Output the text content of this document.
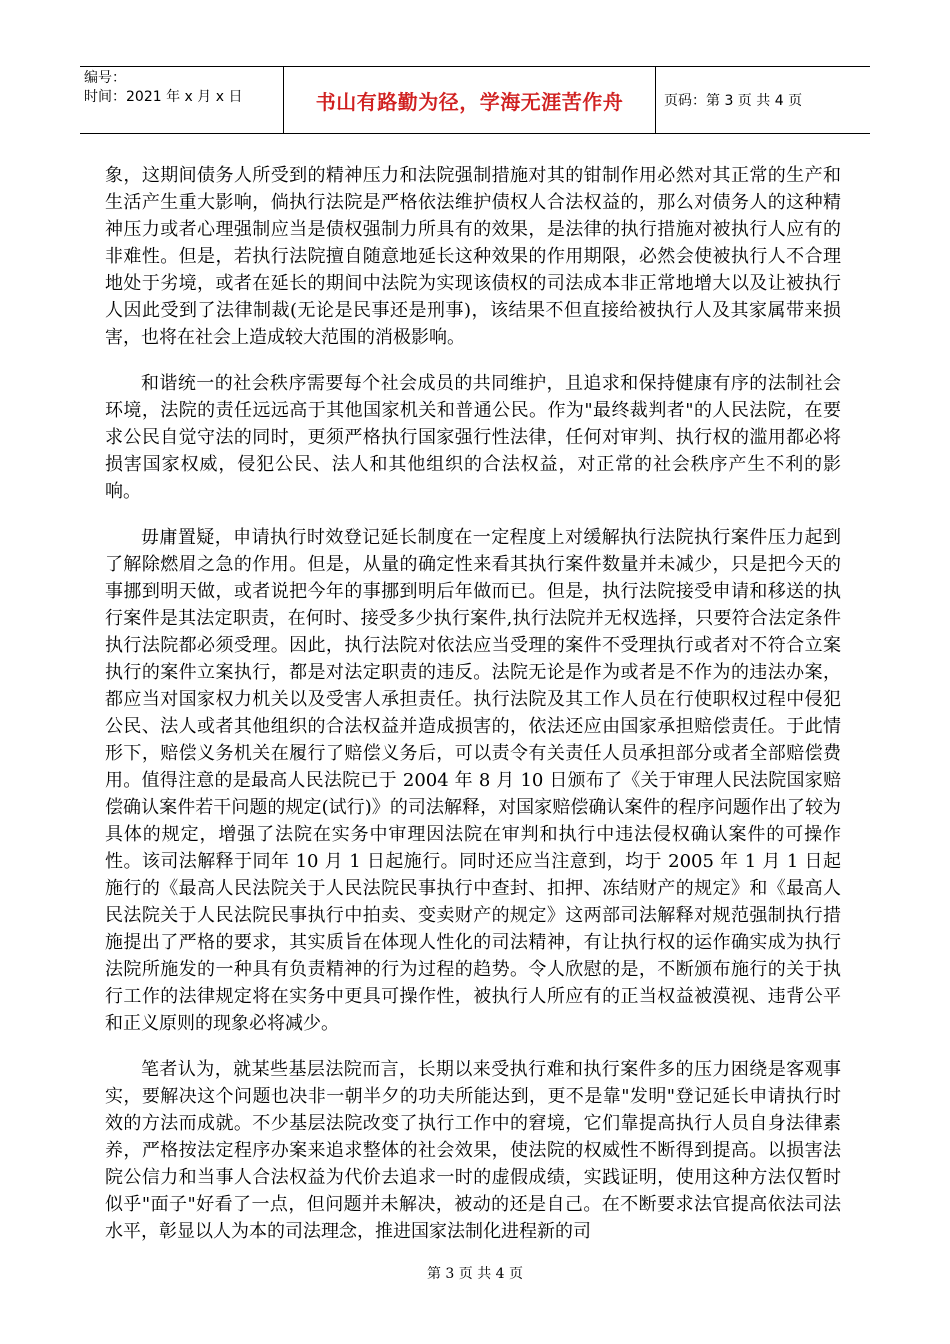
编号：
时间：2021 年 x 月 x 日	书山有路勤为径，学海无涯苦作舟	页码：第 3 页 共 4 页

象，这期间债务人所受到的精神压力和法院强制措施对其的钳制作用必然对其正常的生产和生活产生重大影响，倘执行法院是严格依法维护债权人合法权益的，那么对债务人的这种精神压力或者心理强制应当是债权强制力所具有的效果，是法律的执行措施对被执行人应有的非难性。但是，若执行法院擅自随意地延长这种效果的作用期限，必然会使被执行人不合理地处于劣境，或者在延长的期间中法院为实现该债权的司法成本非正常地增大以及让被执行人因此受到了法律制裁(无论是民事还是刑事)，该结果不但直接给被执行人及其家属带来损害，也将在社会上造成较大范围的消极影响。

和谐统一的社会秩序需要每个社会成员的共同维护，且追求和保持健康有序的法制社会环境，法院的责任远远高于其他国家机关和普通公民。作为"最终裁判者"的人民法院，在要求公民自觉守法的同时，更须严格执行国家强行性法律，任何对审判、执行权的滥用都必将损害国家权威，侵犯公民、法人和其他组织的合法权益，对正常的社会秩序产生不利的影响。

毋庸置疑，申请执行时效登记延长制度在一定程度上对缓解执行法院执行案件压力起到了解除燃眉之急的作用。但是，从量的确定性来看其执行案件数量并未减少，只是把今天的事挪到明天做，或者说把今年的事挪到明后年做而已。但是，执行法院接受申请和移送的执行案件是其法定职责，在何时、接受多少执行案件,执行法院并无权选择，只要符合法定条件执行法院都必须受理。因此，执行法院对依法应当受理的案件不受理执行或者对不符合立案执行的案件立案执行，都是对法定职责的违反。法院无论是作为或者是不作为的违法办案，都应当对国家权力机关以及受害人承担责任。执行法院及其工作人员在行使职权过程中侵犯公民、法人或者其他组织的合法权益并造成损害的，依法还应由国家承担赔偿责任。于此情形下，赔偿义务机关在履行了赔偿义务后，可以责令有关责任人员承担部分或者全部赔偿费用。值得注意的是最高人民法院已于 2004 年 8 月 10 日颁布了《关于审理人民法院国家赔偿确认案件若干问题的规定(试行)》的司法解释，对国家赔偿确认案件的程序问题作出了较为具体的规定，增强了法院在实务中审理因法院在审判和执行中违法侵权确认案件的可操作性。该司法解释于同年 10 月 1 日起施行。同时还应当注意到，均于 2005 年 1 月 1 日起施行的《最高人民法院关于人民法院民事执行中查封、扣押、冻结财产的规定》和《最高人民法院关于人民法院民事执行中拍卖、变卖财产的规定》这两部司法解释对规范强制执行措施提出了严格的要求，其实质旨在体现人性化的司法精神，有让执行权的运作确实成为执行法院所施发的一种具有负责精神的行为过程的趋势。令人欣慰的是，不断颁布施行的关于执行工作的法律规定将在实务中更具可操作性，被执行人所应有的正当权益被漠视、违背公平和正义原则的现象必将减少。

笔者认为，就某些基层法院而言，长期以来受执行难和执行案件多的压力困绕是客观事实，要解决这个问题也决非一朝半夕的功夫所能达到，更不是靠"发明"登记延长申请执行时效的方法而成就。不少基层法院改变了执行工作中的窘境，它们靠提高执行人员自身法律素养，严格按法定程序办案来追求整体的社会效果，使法院的权威性不断得到提高。以损害法院公信力和当事人合法权益为代价去追求一时的虚假成绩，实践证明，使用这种方法仅暂时似乎"面子"好看了一点，但问题并未解决，被动的还是自己。在不断要求法官提高依法司法水平，彰显以人为本的司法理念，推进国家法制化进程新的司

第 3 页 共 4 页
